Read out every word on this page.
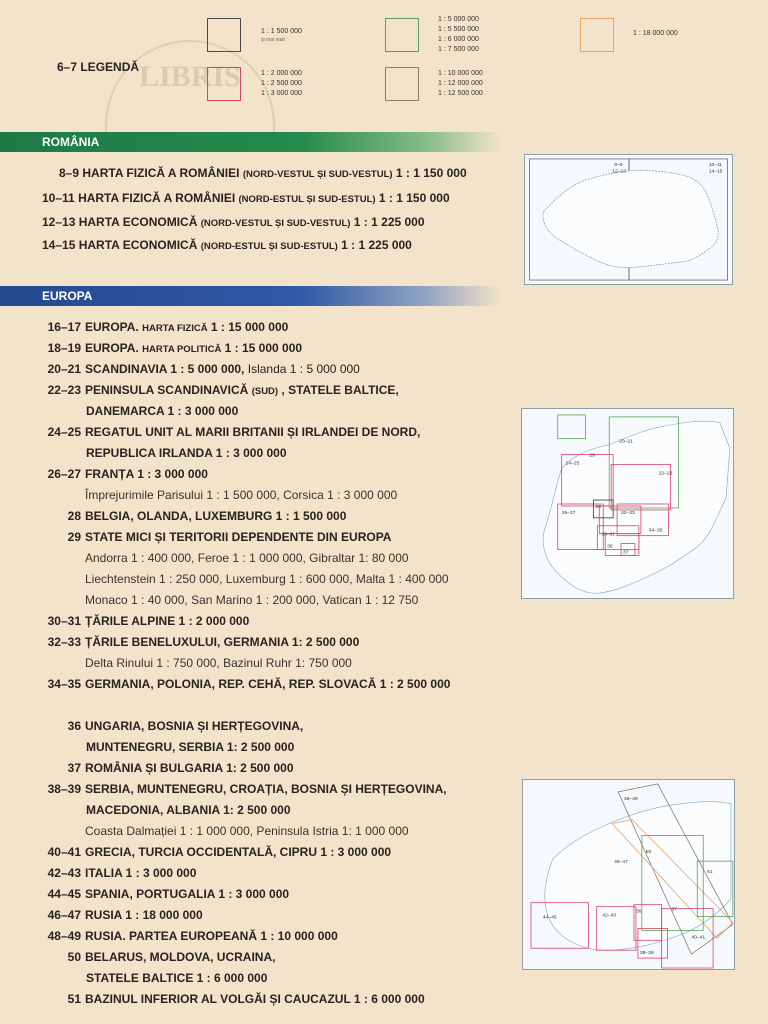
LIBRIS
6–7 LEGENDĂ
1 : 1 500 000
și mai mari
1 : 2 000 000
1 : 2 500 000
1 : 3 000 000
1 : 5 000 000
1 : 5 500 000
1 : 6 000 000
1 : 7 500 000
1 : 10 000 000
1 : 12 000 000
1 : 12 500 000
1 : 18 000 000
ROMÂNIA
8–9 HARTA FIZICĂ A ROMÂNIEI (NORD-VESTUL ȘI SUD-VESTUL) 1 : 1 150 000
10–11 HARTA FIZICĂ A ROMÂNIEI (NORD-ESTUL ȘI SUD-ESTUL) 1 : 1 150 000
12–13 HARTA ECONOMICĂ (NORD-VESTUL ȘI SUD-VESTUL) 1 : 1 225 000
14–15 HARTA ECONOMICĂ (NORD-ESTUL ȘI SUD-ESTUL) 1 : 1 225 000
8–9
12–13
10–11
14–15
EUROPA
16–17 EUROPA. HARTA FIZICĂ 1 : 15 000 000
18–19 EUROPA. HARTA POLITICĂ 1 : 15 000 000
20–21 SCANDINAVIA 1 : 5 000 000, Islanda 1 : 5 000 000
22–23 PENINSULA SCANDINAVICĂ (SUD) , STATELE BALTICE,
DANEMARCA 1 : 3 000 000
24–25 REGATUL UNIT AL MARII BRITANII ȘI IRLANDEI DE NORD,
REPUBLICA IRLANDA 1 : 3 000 000
26–27 FRANȚA 1 : 3 000 000
Împrejurimile Parisului 1 : 1 500 000, Corsica 1 : 3 000 000
28 BELGIA, OLANDA, LUXEMBURG 1 : 1 500 000
29 STATE MICI ȘI TERITORII DEPENDENTE DIN EUROPA
Andorra 1 : 400 000, Feroe 1 : 1 000 000, Gibraltar 1: 80 000
Liechtenstein 1 : 250 000, Luxemburg 1 : 600 000, Malta 1 : 400 000
Monaco 1 : 40 000, San Marino 1 : 200 000, Vatican 1 : 12 750
30–31 ȚĂRILE ALPINE 1 : 2 000 000
32–33 ȚĂRILE BENELUXULUI, GERMANIA 1: 2 500 000
Delta Rinului 1 : 750 000, Bazinul Ruhr 1: 750 000
34–35 GERMANIA, POLONIA, REP. CEHĂ, REP. SLOVACĂ 1 : 2 500 000
36 UNGARIA, BOSNIA ȘI HERȚEGOVINA,
MUNTENEGRU, SERBIA 1: 2 500 000
37 ROMÂNIA ȘI BULGARIA 1: 2 500 000
38–39 SERBIA, MUNTENEGRU, CROAȚIA, BOSNIA ȘI HERȚEGOVINA,
MACEDONIA, ALBANIA 1: 2 500 000
Coasta Dalmației 1 : 1 000 000, Peninsula Istria 1: 1 000 000
40–41 GRECIA, TURCIA OCCIDENTALĂ, CIPRU 1 : 3 000 000
42–43 ITALIA 1 : 3 000 000
44–45 SPANIA, PORTUGALIA 1 : 3 000 000
46–47 RUSIA 1 : 18 000 000
48–49 RUSIA. PARTEA EUROPEANĂ 1 : 10 000 000
50 BELARUS, MOLDOVA, UCRAINA,
STATELE BALTICE 1 : 6 000 000
51 BAZINUL INFERIOR AL VOLGĂI ȘI CAUCAZUL 1 : 6 000 000
20–21
22–23
24–25
26–27
28
29
32–33
34–35
30–31
36
37
48–49
50
51
46–47
42–43
44–45
38–39
40–41
36	37
